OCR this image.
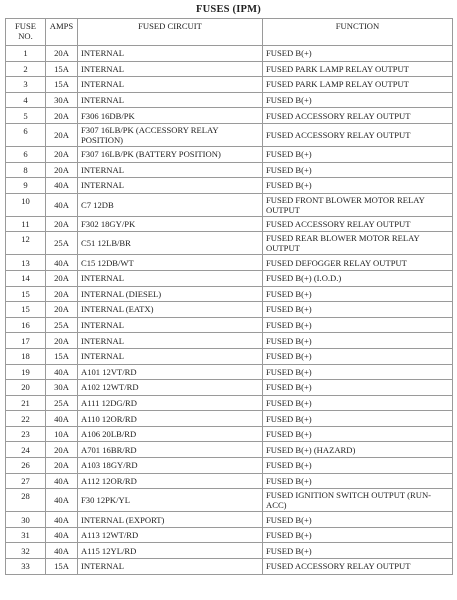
FUSES (IPM)
FUSE NO.	AMPS	FUSED CIRCUIT	FUNCTION
1	20A	INTERNAL	FUSED B(+)
2	15A	INTERNAL	FUSED PARK LAMP RELAY OUTPUT
3	15A	INTERNAL	FUSED PARK LAMP RELAY OUTPUT
4	30A	INTERNAL	FUSED B(+)
5	20A	F306 16DB/PK	FUSED ACCESSORY RELAY OUTPUT
6	20A	F307 16LB/PK (ACCESSORY RELAY POSITION)	FUSED ACCESSORY RELAY OUTPUT
6	20A	F307 16LB/PK (BATTERY POSITION)	FUSED B(+)
8	20A	INTERNAL	FUSED B(+)
9	40A	INTERNAL	FUSED B(+)
10	40A	C7 12DB	FUSED FRONT BLOWER MOTOR RELAY OUTPUT
11	20A	F302 18GY/PK	FUSED ACCESSORY RELAY OUTPUT
12	25A	C51 12LB/BR	FUSED REAR BLOWER MOTOR RELAY OUTPUT
13	40A	C15 12DB/WT	FUSED DEFOGGER RELAY OUTPUT
14	20A	INTERNAL	FUSED B(+) (I.O.D.)
15	20A	INTERNAL (DIESEL)	FUSED B(+)
15	20A	INTERNAL (EATX)	FUSED B(+)
16	25A	INTERNAL	FUSED B(+)
17	20A	INTERNAL	FUSED B(+)
18	15A	INTERNAL	FUSED B(+)
19	40A	A101 12VT/RD	FUSED B(+)
20	30A	A102 12WT/RD	FUSED B(+)
21	25A	A111 12DG/RD	FUSED B(+)
22	40A	A110 12OR/RD	FUSED B(+)
23	10A	A106 20LB/RD	FUSED B(+)
24	20A	A701 16BR/RD	FUSED B(+) (HAZARD)
26	20A	A103 18GY/RD	FUSED B(+)
27	40A	A112 12OR/RD	FUSED B(+)
28	40A	F30 12PK/YL	FUSED IGNITION SWITCH OUTPUT (RUN-ACC)
30	40A	INTERNAL (EXPORT)	FUSED B(+)
31	40A	A113 12WT/RD	FUSED B(+)
32	40A	A115 12YL/RD	FUSED B(+)
33	15A	INTERNAL	FUSED ACCESSORY RELAY OUTPUT
